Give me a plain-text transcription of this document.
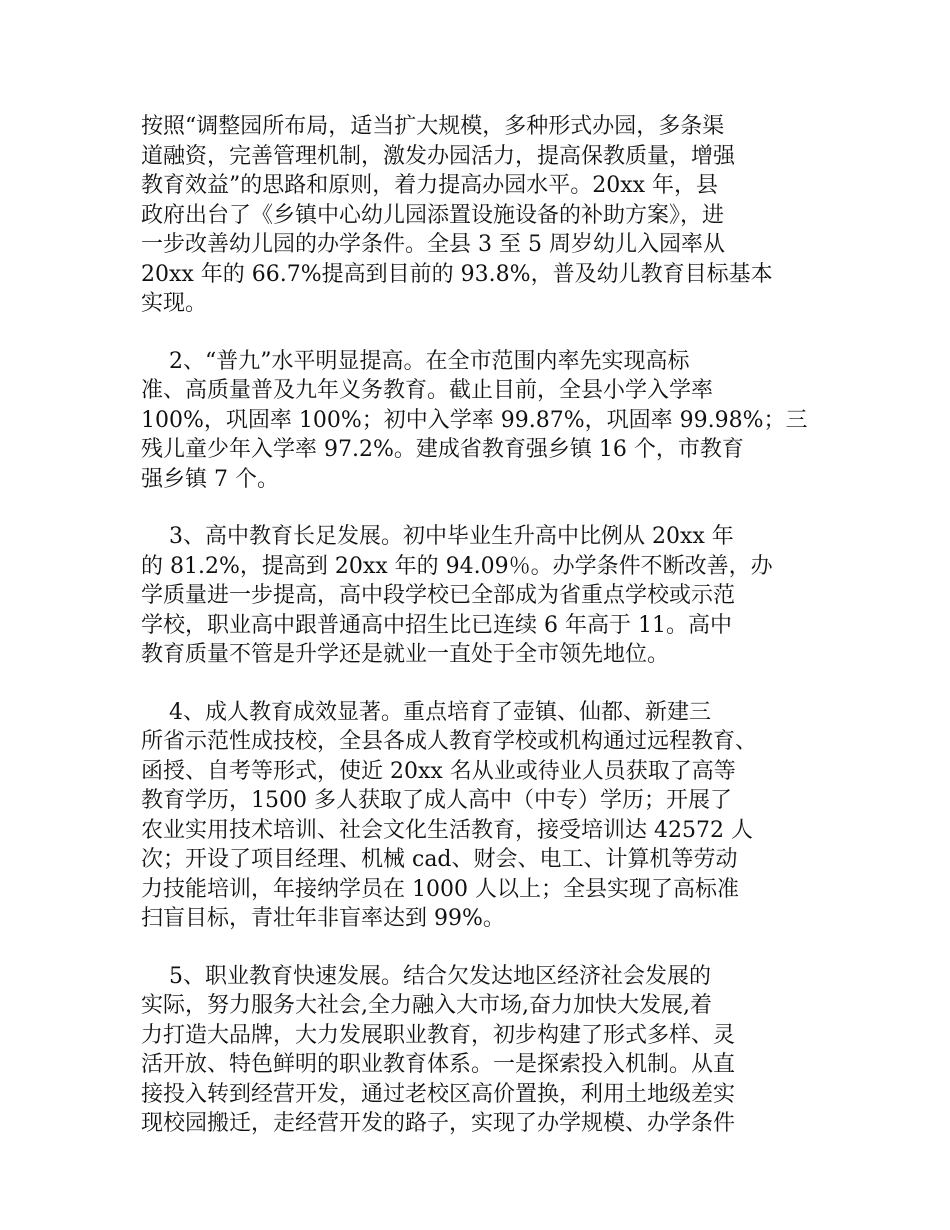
按照“调整园所布局，适当扩大规模，多种形式办园，多条渠
道融资，完善管理机制，激发办园活力，提高保教质量，增强
教育效益”的思路和原则，着力提高办园水平。20xx 年，县
政府出台了《乡镇中心幼儿园添置设施设备的补助方案》，进
一步改善幼儿园的办学条件。全县 3 至 5 周岁幼儿入园率从
20xx 年的 66.7%提高到目前的 93.8%，普及幼儿教育目标基本
实现。

2、“普九”水平明显提高。在全市范围内率先实现高标
准、高质量普及九年义务教育。截止目前，全县小学入学率
100%，巩固率 100%；初中入学率 99.87%，巩固率 99.98%；三
残儿童少年入学率 97.2%。建成省教育强乡镇 16 个，市教育
强乡镇 7 个。

3、高中教育长足发展。初中毕业生升高中比例从 20xx 年
的 81.2%，提高到 20xx 年的 94.09％。办学条件不断改善，办
学质量进一步提高，高中段学校已全部成为省重点学校或示范
学校，职业高中跟普通高中招生比已连续 6 年高于 11。高中
教育质量不管是升学还是就业一直处于全市领先地位。

4、成人教育成效显著。重点培育了壶镇、仙都、新建三
所省示范性成技校，全县各成人教育学校或机构通过远程教育、
函授、自考等形式，使近 20xx 名从业或待业人员获取了高等
教育学历，1500 多人获取了成人高中（中专）学历；开展了
农业实用技术培训、社会文化生活教育，接受培训达 42572 人
次；开设了项目经理、机械 cad、财会、电工、计算机等劳动
力技能培训，年接纳学员在 1000 人以上；全县实现了高标准
扫盲目标，青壮年非盲率达到 99%。

5、职业教育快速发展。结合欠发达地区经济社会发展的
实际，努力服务大社会,全力融入大市场,奋力加快大发展,着
力打造大品牌，大力发展职业教育，初步构建了形式多样、灵
活开放、特色鲜明的职业教育体系。一是探索投入机制。从直
接投入转到经营开发，通过老校区高价置换，利用土地级差实
现校园搬迁，走经营开发的路子，实现了办学规模、办学条件
